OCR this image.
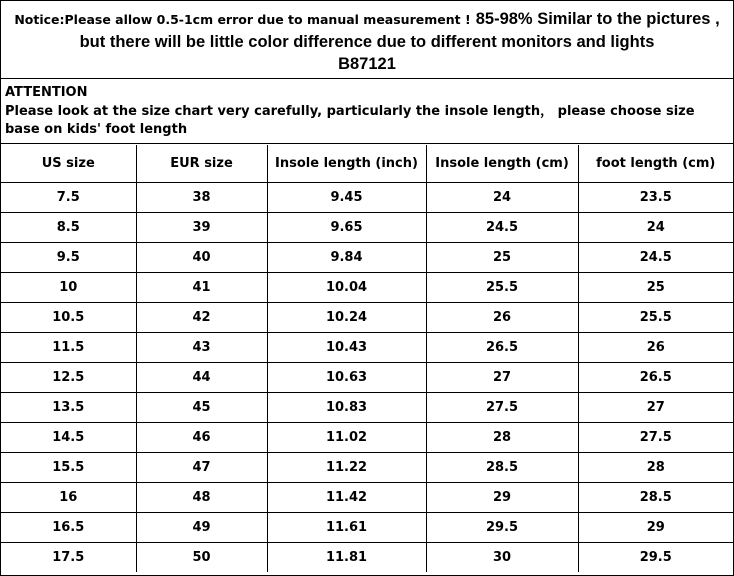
Notice:Please allow 0.5-1cm error due to manual measurement ! 85-98% Similar to the pictures ,
but there will be little color difference due to different monitors and lights
B87121
ATTENTION
Please look at the size chart very carefully, particularly the insole length， please choose size base on kids' foot length
US size	EUR size	Insole length (inch)	Insole length (cm)	foot length (cm)
7.5	38	9.45	24	23.5
8.5	39	9.65	24.5	24
9.5	40	9.84	25	24.5
10	41	10.04	25.5	25
10.5	42	10.24	26	25.5
11.5	43	10.43	26.5	26
12.5	44	10.63	27	26.5
13.5	45	10.83	27.5	27
14.5	46	11.02	28	27.5
15.5	47	11.22	28.5	28
16	48	11.42	29	28.5
16.5	49	11.61	29.5	29
17.5	50	11.81	30	29.5
